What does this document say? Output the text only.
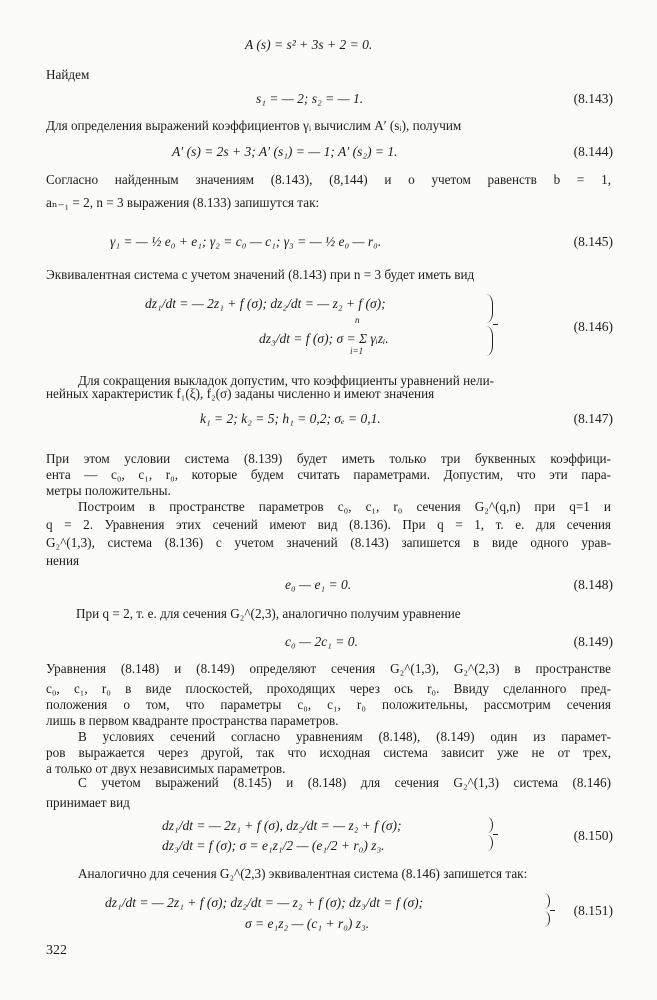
A (s) = s² + 3s + 2 = 0.
Найдем
s₁ = — 2; s₂ = — 1.	(8.143)
Для определения выражений коэффициентов γᵢ вычислим A′ (sᵢ), получим
A′ (s) = 2s + 3; A′ (s₁) = — 1; A′ (s₂) = 1.	(8.144)
Согласно найденным значениям (8.143), (8,144) и о учетом равенств b = 1,
aₙ₋₁ = 2, n = 3 выражения (8.133) запишутся так:
γ₁ = — ½ e₀ + e₁; γ₂ = c₀ — c₁; γ₃ = — ½ e₀ — r₀.	(8.145)
Эквивалентная система с учетом значений (8.143) при n = 3 будет иметь вид
dz₁/dt = — 2z₁ + f (σ); dz₂/dt = — z₂ + f (σ);
n
dz₃/dt = f (σ); σ = Σ γᵢzᵢ.
i=1
(8.146)
Для сокращения выкладок допустим, что коэффициенты уравнений нели-
нейных характеристик f₁(ξ), f₂(σ) заданы численно и имеют значения
k₁ = 2; k₂ = 5; h₁ = 0,2; σₑ = 0,1.	(8.147)
При этом условии система (8.139) будет иметь только три буквенных коэффици-
ента — c₀, c₁, r₀, которые будем считать параметрами. Допустим, что эти пара-
метры положительны.
Построим в пространстве параметров c₀, c₁, r₀ сечения G₂^(q,n) при q=1 и
q = 2. Уравнения этих сечений имеют вид (8.136). При q = 1, т. е. для сечения
G₂^(1,3), система (8.136) с учетом значений (8.143) запишется в виде одного урав-
нения
e₀ — e₁ = 0.	(8.148)
При q = 2, т. е. для сечения G₂^(2,3), аналогично получим уравнение
c₀ — 2c₁ = 0.	(8.149)
Уравнения (8.148) и (8.149) определяют сечения G₂^(1,3), G₂^(2,3) в пространстве
c₀, c₁, r₀ в виде плоскостей, проходящих через ось r₀. Ввиду сделанного пред-
положения о том, что параметры c₀, c₁, r₀ положительны, рассмотрим сечения
лишь в первом квадранте пространства параметров.
В условиях сечений согласно уравнениям (8.148), (8.149) один из парамет-
ров выражается через другой, так что исходная система зависит уже не от трех,
а только от двух независимых параметров.
С учетом выражений (8.145) и (8.148) для сечения G₂^(1,3) система (8.146)
принимает вид
dz₁/dt = — 2z₁ + f (σ), dz₂/dt = — z₂ + f (σ);
dz₃/dt = f (σ); σ = e₁z₁/2 — (e₁/2 + r₀) z₃.
(8.150)
Аналогично для сечения G₂^(2,3) эквивалентная система (8.146) запишется так:
dz₁/dt = — 2z₁ + f (σ); dz₂/dt = — z₂ + f (σ); dz₃/dt = f (σ);
σ = e₁z₂ — (c₁ + r₀) z₃.
(8.151)
322
